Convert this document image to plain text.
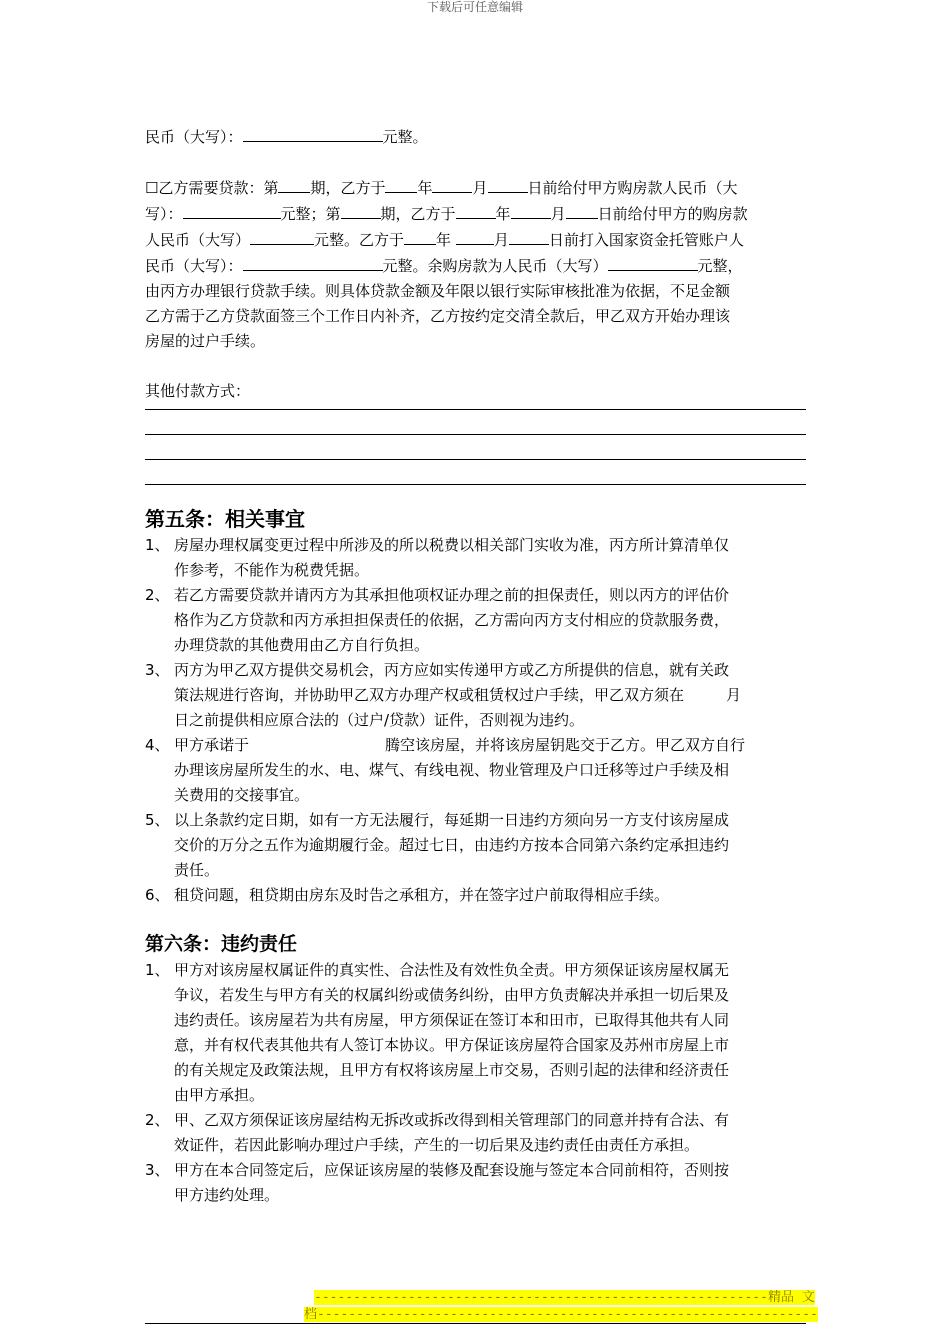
下载后可任意编辑

民币（大写）：	元整。

☐乙方需要贷款：第 期，乙方于 年	月	日前给付甲方购房款人民币（大
写）：	元整；第	期，乙方于	年	月 日前给付甲方的购房款
人民币（大写）	元整。乙方于 年	月	日前打入国家资金托管账户人
民币（大写）：	元整。余购房款为人民币（大写）	元整，
由丙方办理银行贷款手续。则具体贷款金额及年限以银行实际审核批准为依据，不足金额
乙方需于乙方贷款面签三个工作日内补齐，乙方按约定交清全款后，甲乙双方开始办理该
房屋的过户手续。

其他付款方式：

第五条：相关事宜
1、 房屋办理权属变更过程中所涉及的所以税费以相关部门实收为准，丙方所计算清单仅
作参考，不能作为税费凭据。
2、 若乙方需要贷款并请丙方为其承担他项权证办理之前的担保责任，则以丙方的评估价
格作为乙方贷款和丙方承担担保责任的依据，乙方需向丙方支付相应的贷款服务费，
办理贷款的其他费用由乙方自行负担。
3、 丙方为甲乙双方提供交易机会，丙方应如实传递甲方或乙方所提供的信息，就有关政
策法规进行咨询，并协助甲乙双方办理产权或租赁权过户手续，甲乙双方须在	月
日之前提供相应原合法的（过户/贷款）证件，否则视为违约。
4、 甲方承诺于	腾空该房屋，并将该房屋钥匙交于乙方。甲乙双方自行
办理该房屋所发生的水、电、煤气、有线电视、物业管理及户口迁移等过户手续及相
关费用的交接事宜。
5、 以上条款约定日期，如有一方无法履行，每延期一日违约方须向另一方支付该房屋成
交价的万分之五作为逾期履行金。超过七日，由违约方按本合同第六条约定承担违约
责任。
6、 租贷问题，租贷期由房东及时告之承租方，并在签字过户前取得相应手续。
第六条：违约责任
1、 甲方对该房屋权属证件的真实性、合法性及有效性负全责。甲方须保证该房屋权属无
争议，若发生与甲方有关的权属纠纷或债务纠纷，由甲方负责解决并承担一切后果及
违约责任。该房屋若为共有房屋，甲方须保证在签订本和田市，已取得其他共有人同
意，并有权代表其他共有人签订本协议。甲方保证该房屋符合国家及苏州市房屋上市
的有关规定及政策法规，且甲方有权将该房屋上市交易，否则引起的法律和经济责任
由甲方承担。
2、 甲、乙双方须保证该房屋结构无拆改或拆改得到相关管理部门的同意并持有合法、有
效证件，若因此影响办理过户手续，产生的一切后果及违约责任由责任方承担。
3、 甲方在本合同签定后，应保证该房屋的装修及配套设施与签定本合同前相符，否则按
甲方违约处理。
----------------------------------------------------------精品 文
档----------------------------------------------------------------
